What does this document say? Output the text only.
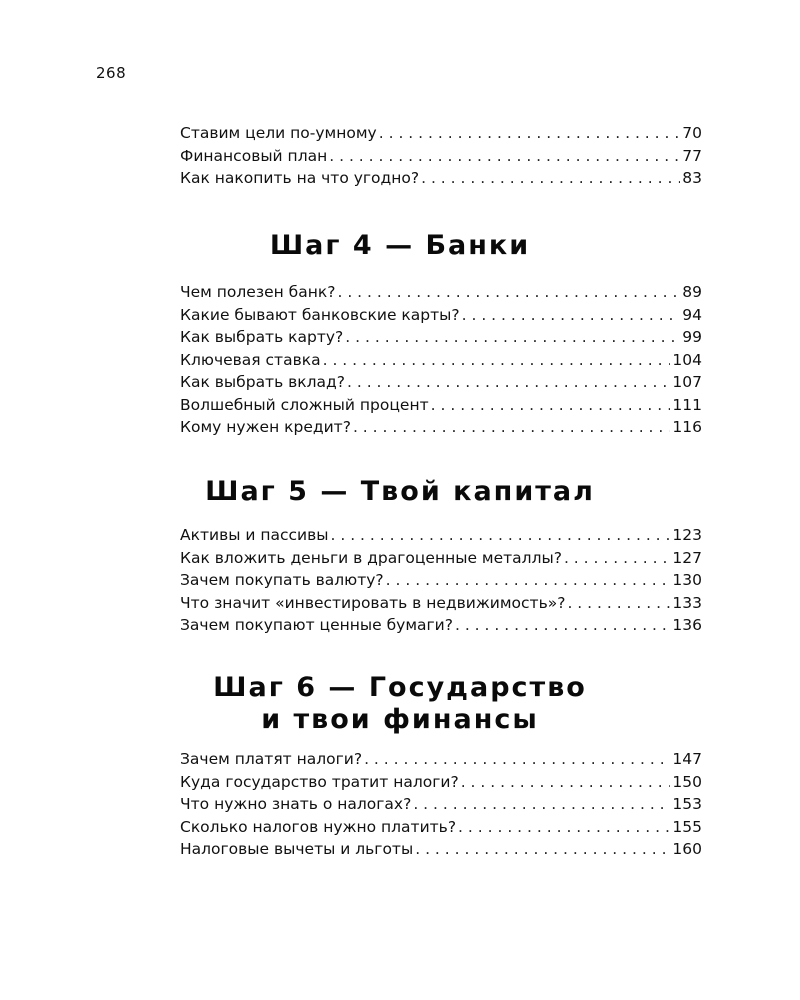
268
Ставим цели по-умному . . .	70
Финансовый план . . .	77
Как накопить на что угодно? . . .	83
Шаг 4 — Банки
Чем полезен банк? . . .	89
Какие бывают банковские карты? . . .	94
Как выбрать карту? . . .	99
Ключевая ставка . . .	104
Как выбрать вклад? . . .	107
Волшебный сложный процент . . .	111
Кому нужен кредит? . . .	116
Шаг 5 — Твой капитал
Активы и пассивы . . .	123
Как вложить деньги в драгоценные металлы? . . .	127
Зачем покупать валюту? . . .	130
Что значит «инвестировать в недвижимость»? . . .	133
Зачем покупают ценные бумаги? . . .	136
Шаг 6 — Государство
и твои финансы
Зачем платят налоги? . . .	147
Куда государство тратит налоги? . . .	150
Что нужно знать о налогах? . . .	153
Сколько налогов нужно платить? . . .	155
Налоговые вычеты и льготы . . .	160
